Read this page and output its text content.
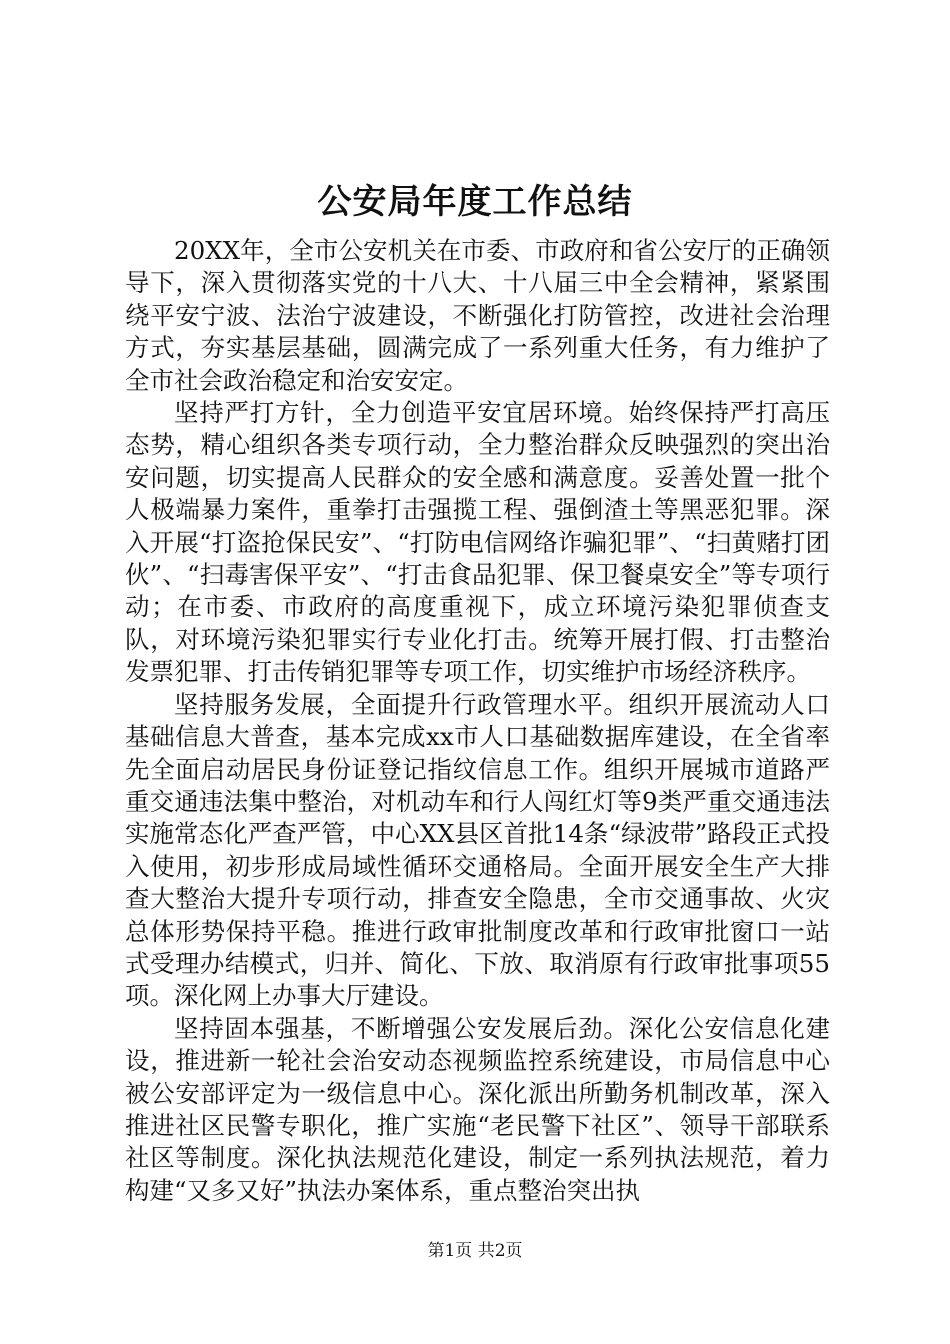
公安局年度工作总结

20XX年，全市公安机关在市委、市政府和省公安厅的正确领导下，深入贯彻落实党的十八大、十八届三中全会精神，紧紧围绕平安宁波、法治宁波建设，不断强化打防管控，改进社会治理方式，夯实基层基础，圆满完成了一系列重大任务，有力维护了全市社会政治稳定和治安安定。

坚持严打方针，全力创造平安宜居环境。始终保持严打高压态势，精心组织各类专项行动，全力整治群众反映强烈的突出治安问题，切实提高人民群众的安全感和满意度。妥善处置一批个人极端暴力案件，重拳打击强揽工程、强倒渣土等黑恶犯罪。深入开展“打盗抢保民安”、“打防电信网络诈骗犯罪”、“扫黄赌打团伙”、“扫毒害保平安”、“打击食品犯罪、保卫餐桌安全”等专项行动；在市委、市政府的高度重视下，成立环境污染犯罪侦查支队，对环境污染犯罪实行专业化打击。统筹开展打假、打击整治发票犯罪、打击传销犯罪等专项工作，切实维护市场经济秩序。

坚持服务发展，全面提升行政管理水平。组织开展流动人口基础信息大普查，基本完成xx市人口基础数据库建设，在全省率先全面启动居民身份证登记指纹信息工作。组织开展城市道路严重交通违法集中整治，对机动车和行人闯红灯等9类严重交通违法实施常态化严查严管，中心XX县区首批14条“绿波带”路段正式投入使用，初步形成局域性循环交通格局。全面开展安全生产大排查大整治大提升专项行动，排查安全隐患，全市交通事故、火灾总体形势保持平稳。推进行政审批制度改革和行政审批窗口一站式受理办结模式，归并、简化、下放、取消原有行政审批事项55项。深化网上办事大厅建设。

坚持固本强基，不断增强公安发展后劲。深化公安信息化建设，推进新一轮社会治安动态视频监控系统建设，市局信息中心被公安部评定为一级信息中心。深化派出所勤务机制改革，深入推进社区民警专职化，推广实施“老民警下社区”、领导干部联系社区等制度。深化执法规范化建设，制定一系列执法规范，着力构建“又多又好”执法办案体系，重点整治突出执

第1页 共2页
